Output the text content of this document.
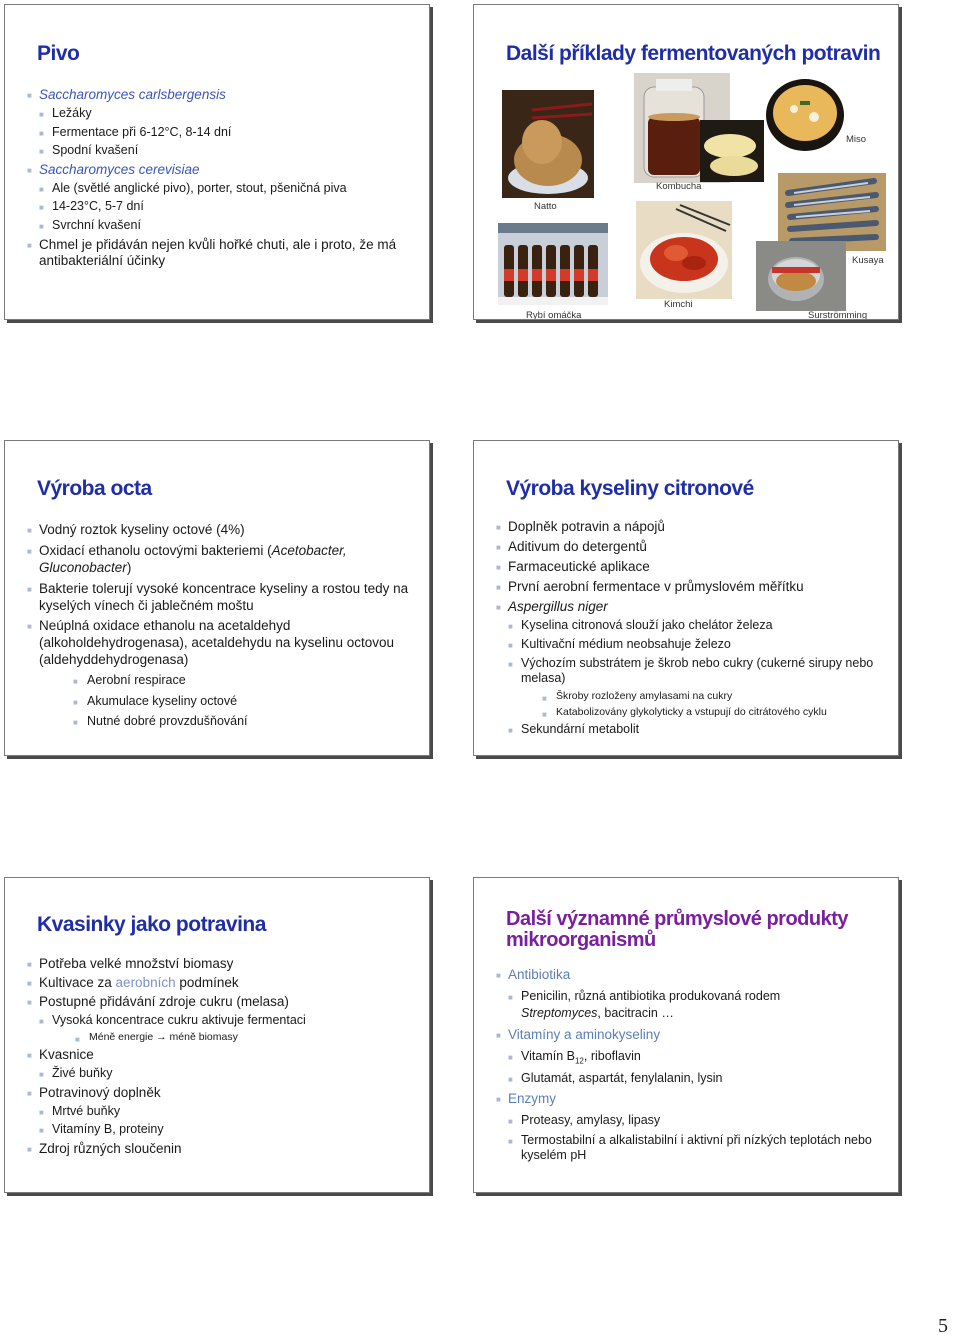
Pivo
■ Saccharomyces carlsbergensis
■ Ležáky
■ Fermentace při 6-12°C, 8-14 dní
■ Spodní kvašení
■ Saccharomyces cerevisiae
■ Ale (světlé anglické pivo), porter, stout, pšeničná piva
■ 14-23°C, 5-7 dní
■ Svrchní kvašení
■ Chmel je přidáván nejen kvůli hořké chuti, ale i proto, že má antibakteriální účinky
Další příklady fermentovaných potravin
Natto
Kombucha
Miso
Rybí omáčka
Kimchi
Kusaya
Surströmming
Výroba octa
■ Vodný roztok kyseliny octové (4%)
■ Oxidací ethanolu octovými bakteriemi (Acetobacter, Gluconobacter)
■ Bakterie tolerují vysoké koncentrace kyseliny a rostou tedy na kyselých vínech či jablečném moštu
■ Neúplná oxidace ethanolu na acetaldehyd (alkoholdehydrogenasa), acetaldehydu na kyselinu octovou (aldehyddehydrogenasa)
■ Aerobní respirace
■ Akumulace kyseliny octové
■ Nutné dobré provzdušňování
Výroba kyseliny citronové
■ Doplněk potravin a nápojů
■ Aditivum do detergentů
■ Farmaceutické aplikace
■ První aerobní fermentace v průmyslovém měřítku
■ Aspergillus niger
■ Kyselina citronová slouží jako chelátor železa
■ Kultivační médium neobsahuje železo
■ Výchozím substrátem je škrob nebo cukry (cukerné sirupy nebo melasa)
■ Škroby rozloženy amylasami na cukry
■ Katabolizovány glykolyticky a vstupují do citrátového cyklu
■ Sekundární metabolit
Kvasinky jako potravina
■ Potřeba velké množství biomasy
■ Kultivace za aerobních podmínek
■ Postupné přidávání zdroje cukru (melasa)
■ Vysoká koncentrace cukru aktivuje fermentaci
■ Méně energie → méně biomasy
■ Kvasnice
■ Živé buňky
■ Potravinový doplněk
■ Mrtvé buňky
■ Vitamíny B, proteiny
■ Zdroj různých sloučenin
Další významné průmyslové produkty
mikroorganismů
■ Antibiotika
■ Penicilin, různá antibiotika produkovaná rodem
Streptomyces, bacitracin …
■ Vitamíny a aminokyseliny
■ Vitamín $B_{12}$, riboflavin
■ Glutamát, aspartát, fenylalanin, lysin
■ Enzymy
■ Proteasy, amylasy, lipasy
■ Termostabilní a alkalistabilní i aktivní při nízkých teplotách nebo kyselém pH
5
